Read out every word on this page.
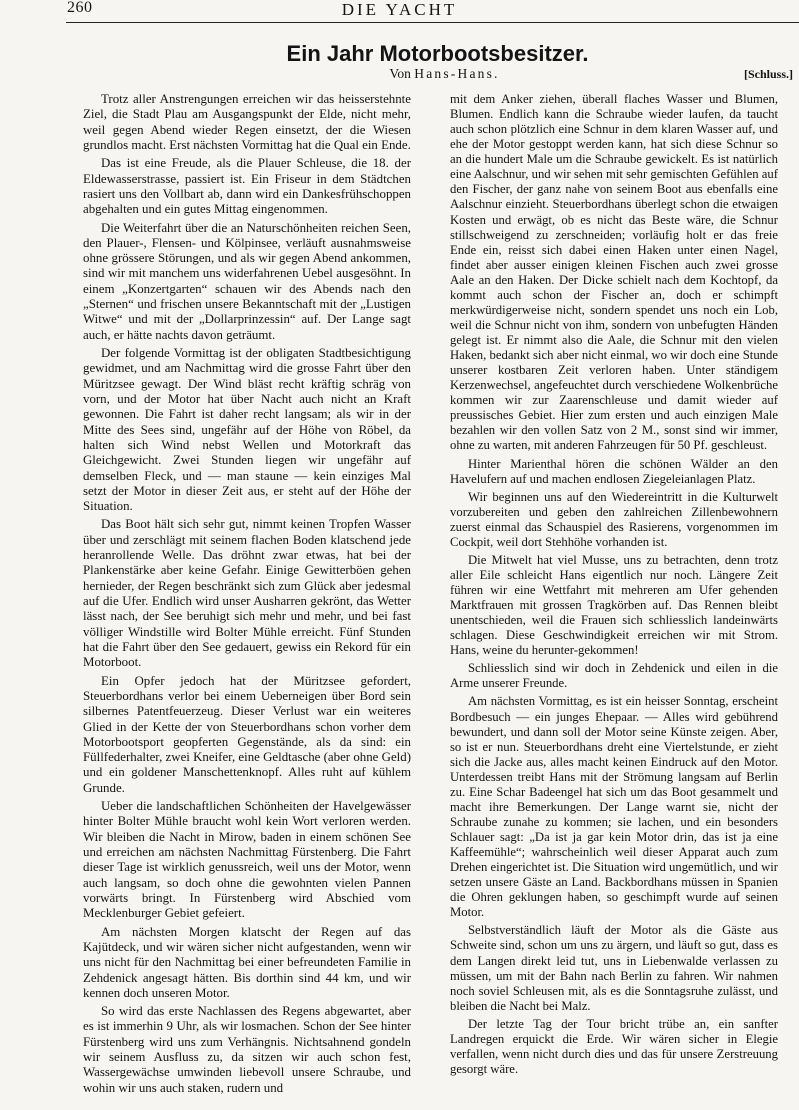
260	DIE YACHT
Ein Jahr Motorbootsbesitzer.
Von Hans-Hans.	[Schluss.]

Trotz aller Anstrengungen erreichen wir das heisserstehnte Ziel, die Stadt Plau am Ausgangspunkt der Elde, nicht mehr, weil gegen Abend wieder Regen einsetzt, der die Wiesen grundlos macht. Erst nächsten Vormittag hat die Qual ein Ende.

Das ist eine Freude, als die Plauer Schleuse, die 18. der Eldewasserstrasse, passiert ist. Ein Friseur in dem Städtchen rasiert uns den Vollbart ab, dann wird ein Dankesfrühschoppen abgehalten und ein gutes Mittag eingenommen.

Die Weiterfahrt über die an Naturschönheiten reichen Seen, den Plauer-, Flensen- und Kölpinsee, verläuft ausnahmsweise ohne grössere Störungen, und als wir gegen Abend ankommen, sind wir mit manchem uns widerfahrenen Uebel ausgesöhnt. In einem „Konzertgarten“ schauen wir des Abends nach den „Sternen“ und frischen unsere Bekanntschaft mit der „Lustigen Witwe“ und mit der „Dollarprinzessin“ auf. Der Lange sagt auch, er hätte nachts davon geträumt.

Der folgende Vormittag ist der obligaten Stadtbesichtigung gewidmet, und am Nachmittag wird die grosse Fahrt über den Müritzsee gewagt. Der Wind bläst recht kräftig schräg von vorn, und der Motor hat über Nacht auch nicht an Kraft gewonnen. Die Fahrt ist daher recht langsam; als wir in der Mitte des Sees sind, ungefähr auf der Höhe von Röbel, da halten sich Wind nebst Wellen und Motorkraft das Gleichgewicht. Zwei Stunden liegen wir ungefähr auf demselben Fleck, und — man staune — kein einziges Mal setzt der Motor in dieser Zeit aus, er steht auf der Höhe der Situation.

Das Boot hält sich sehr gut, nimmt keinen Tropfen Wasser über und zerschlägt mit seinem flachen Boden klatschend jede heranrollende Welle. Das dröhnt zwar etwas, hat bei der Plankenstärke aber keine Gefahr. Einige Gewitterböen gehen hernieder, der Regen beschränkt sich zum Glück aber jedesmal auf die Ufer. Endlich wird unser Ausharren gekrönt, das Wetter lässt nach, der See beruhigt sich mehr und mehr, und bei fast völliger Windstille wird Bolter Mühle erreicht. Fünf Stunden hat die Fahrt über den See gedauert, gewiss ein Rekord für ein Motorboot.

Ein Opfer jedoch hat der Müritzsee gefordert, Steuerbordhans verlor bei einem Ueberneigen über Bord sein silbernes Patentfeuerzeug. Dieser Verlust war ein weiteres Glied in der Kette der von Steuerbordhans schon vorher dem Motorbootsport geopferten Gegenstände, als da sind: ein Füllfederhalter, zwei Kneifer, eine Geldtasche (aber ohne Geld) und ein goldener Manschettenknopf. Alles ruht auf kühlem Grunde.

Ueber die landschaftlichen Schönheiten der Havelgewässer hinter Bolter Mühle braucht wohl kein Wort verloren werden. Wir bleiben die Nacht in Mirow, baden in einem schönen See und erreichen am nächsten Nachmittag Fürstenberg. Die Fahrt dieser Tage ist wirklich genussreich, weil uns der Motor, wenn auch langsam, so doch ohne die gewohnten vielen Pannen vorwärts bringt. In Fürstenberg wird Abschied vom Mecklenburger Gebiet gefeiert.

Am nächsten Morgen klatscht der Regen auf das Kajütdeck, und wir wären sicher nicht aufgestanden, wenn wir uns nicht für den Nachmittag bei einer befreundeten Familie in Zehdenick angesagt hätten. Bis dorthin sind 44 km, und wir kennen doch unseren Motor.

So wird das erste Nachlassen des Regens abgewartet, aber es ist immerhin 9 Uhr, als wir losmachen. Schon der See hinter Fürstenberg wird uns zum Verhängnis. Nichtsahnend gondeln wir seinem Ausfluss zu, da sitzen wir auch schon fest, Wassergewächse umwinden liebevoll unsere Schraube, und wohin wir uns auch staken, rudern und

mit dem Anker ziehen, überall flaches Wasser und Blumen, Blumen. Endlich kann die Schraube wieder laufen, da taucht auch schon plötzlich eine Schnur in dem klaren Wasser auf, und ehe der Motor gestoppt werden kann, hat sich diese Schnur so an die hundert Male um die Schraube gewickelt. Es ist natürlich eine Aalschnur, und wir sehen mit sehr gemischten Gefühlen auf den Fischer, der ganz nahe von seinem Boot aus ebenfalls eine Aalschnur einzieht. Steuerbordhans überlegt schon die etwaigen Kosten und erwägt, ob es nicht das Beste wäre, die Schnur stillschweigend zu zerschneiden; vorläufig holt er das freie Ende ein, reisst sich dabei einen Haken unter einen Nagel, findet aber ausser einigen kleinen Fischen auch zwei grosse Aale an den Haken. Der Dicke schielt nach dem Kochtopf, da kommt auch schon der Fischer an, doch er schimpft merkwürdigerweise nicht, sondern spendet uns noch ein Lob, weil die Schnur nicht von ihm, sondern von unbefugten Händen gelegt ist. Er nimmt also die Aale, die Schnur mit den vielen Haken, bedankt sich aber nicht einmal, wo wir doch eine Stunde unserer kostbaren Zeit verloren haben. Unter ständigem Kerzenwechsel, angefeuchtet durch verschiedene Wolkenbrüche kommen wir zur Zaarenschleuse und damit wieder auf preussisches Gebiet. Hier zum ersten und auch einzigen Male bezahlen wir den vollen Satz von 2 M., sonst sind wir immer, ohne zu warten, mit anderen Fahrzeugen für 50 Pf. geschleust.

Hinter Marienthal hören die schönen Wälder an den Havelufern auf und machen endlosen Ziegeleianlagen Platz.

Wir beginnen uns auf den Wiedereintritt in die Kulturwelt vorzubereiten und geben den zahlreichen Zillenbewohnern zuerst einmal das Schauspiel des Rasierens, vorgenommen im Cockpit, weil dort Stehhöhe vorhanden ist.

Die Mitwelt hat viel Musse, uns zu betrachten, denn trotz aller Eile schleicht Hans eigentlich nur noch. Längere Zeit führen wir eine Wettfahrt mit mehreren am Ufer gehenden Marktfrauen mit grossen Tragkörben auf. Das Rennen bleibt unentschieden, weil die Frauen sich schliesslich landeinwärts schlagen. Diese Geschwindigkeit erreichen wir mit Strom. Hans, weine du herunter-gekommen!

Schliesslich sind wir doch in Zehdenick und eilen in die Arme unserer Freunde.

Am nächsten Vormittag, es ist ein heisser Sonntag, erscheint Bordbesuch — ein junges Ehepaar. — Alles wird gebührend bewundert, und dann soll der Motor seine Künste zeigen. Aber, so ist er nun. Steuerbordhans dreht eine Viertelstunde, er zieht sich die Jacke aus, alles macht keinen Eindruck auf den Motor. Unterdessen treibt Hans mit der Strömung langsam auf Berlin zu. Eine Schar Badeengel hat sich um das Boot gesammelt und macht ihre Bemerkungen. Der Lange warnt sie, nicht der Schraube zunahe zu kommen; sie lachen, und ein besonders Schlauer sagt: „Da ist ja gar kein Motor drin, das ist ja eine Kaffeemühle“; wahrscheinlich weil dieser Apparat auch zum Drehen eingerichtet ist. Die Situation wird ungemütlich, und wir setzen unsere Gäste an Land. Backbordhans müssen in Spanien die Ohren geklungen haben, so geschimpft wurde auf seinen Motor.

Selbstverständlich läuft der Motor als die Gäste aus Schweite sind, schon um uns zu ärgern, und läuft so gut, dass es dem Langen direkt leid tut, uns in Liebenwalde verlassen zu müssen, um mit der Bahn nach Berlin zu fahren. Wir nahmen noch soviel Schleusen mit, als es die Sonntagsruhe zulässt, und bleiben die Nacht bei Malz.

Der letzte Tag der Tour bricht trübe an, ein sanfter Landregen erquickt die Erde. Wir wären sicher in Elegie verfallen, wenn nicht durch dies und das für unsere Zerstreuung gesorgt wäre.
